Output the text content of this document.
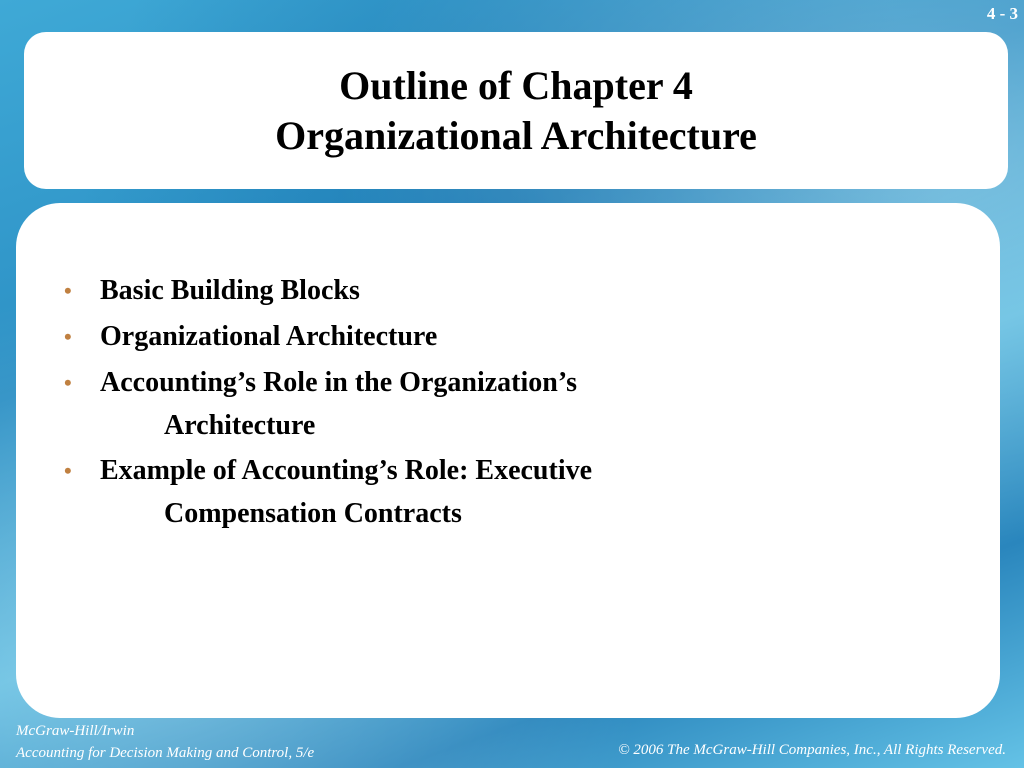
4 - 3
Outline of Chapter 4
Organizational Architecture
• Basic Building Blocks
• Organizational Architecture
• Accounting’s Role in the Organization’s
Architecture
• Example of Accounting’s Role: Executive
Compensation Contracts
McGraw-Hill/Irwin
Accounting for Decision Making and Control, 5/e	© 2006 The McGraw-Hill Companies, Inc., All Rights Reserved.
